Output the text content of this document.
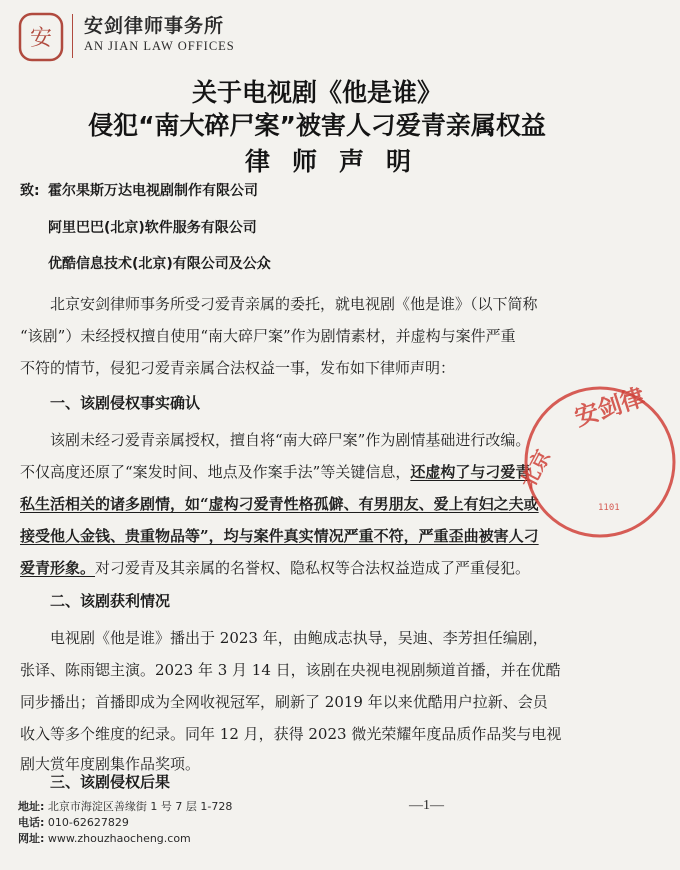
安 安剑律师事务所
AN JIAN LAW OFFICES
关于电视剧《他是谁》
侵犯“南大碎尸案”被害人刁爱青亲属权益
律师声明
致: 霍尔果斯万达电视剧制作有限公司
阿里巴巴(北京)软件服务有限公司
优酷信息技术(北京)有限公司及公众
北京安剑律师事务所受刁爱青亲属的委托，就电视剧《他是谁》（以下简称
“该剧”）未经授权擅自使用“南大碎尸案”作为剧情素材，并虚构与案件严重
不符的情节，侵犯刁爱青亲属合法权益一事，发布如下律师声明：
一、该剧侵权事实确认
该剧未经刁爱青亲属授权，擅自将“南大碎尸案”作为剧情基础进行改编。
不仅高度还原了“案发时间、地点及作案手法”等关键信息，还虚构了与刁爱青
私生活相关的诸多剧情，如“虚构刁爱青性格孤僻、有男朋友、爱上有妇之夫或
接受他人金钱、贵重物品等”，均与案件真实情况严重不符，严重歪曲被害人刁
爱青形象。对刁爱青及其亲属的名誉权、隐私权等合法权益造成了严重侵犯。
二、该剧获利情况
电视剧《他是谁》播出于 2023 年，由鲍成志执导，吴迪、李芳担任编剧，
张译、陈雨锶主演。2023 年 3 月 14 日，该剧在央视电视剧频道首播，并在优酷
同步播出；首播即成为全网收视冠军，刷新了 2019 年以来优酷用户拉新、会员
收入等多个维度的纪录。同年 12 月，获得 2023 微光荣耀年度品质作品奖与电视
剧大赏年度剧集作品奖项。
三、该剧侵权后果
地址: 北京市海淀区善缘街 1 号 7 层 1-728
电话: 010-62627829
网址: www.zhouzhaocheng.com
—1—
安剑律
北京
1101
